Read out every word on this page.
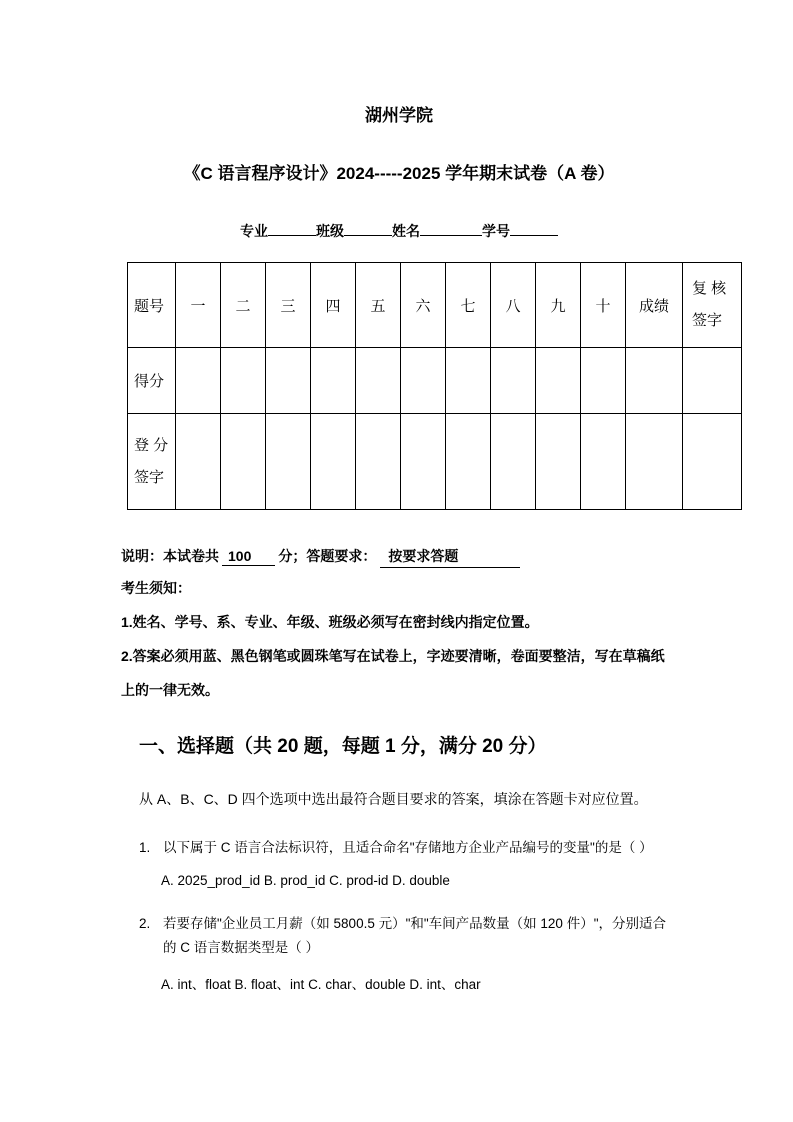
湖州学院
《C 语言程序设计》2024-----2025 学年期末试卷（A 卷）
专业	班级	姓名	学号
题号	一	二	三	四	五	六	七	八	九	十	成绩	复 核
签字

得分												

登 分
签字												

说明：本试卷共 100 分；答题要求： 按要求答题
考生须知：
1.姓名、学号、系、专业、年级、班级必须写在密封线内指定位置。
2.答案必须用蓝、黑色钢笔或圆珠笔写在试卷上，字迹要清晰，卷面要整洁，写在草稿纸上的一律无效。
一、选择题（共 20 题，每题 1 分，满分 20 分）
从 A、B、C、D 四个选项中选出最符合题目要求的答案，填涂在答题卡对应位置。
1. 以下属于 C 语言合法标识符，且适合命名"存储地方企业产品编号的变量"的是（ ）
A. 2025_prod_id B. prod_id C. prod-id D. double
2. 若要存储"企业员工月薪（如 5800.5 元）"和"车间产品数量（如 120 件）"，分别适合的 C 语言数据类型是（ ）
A. int、float B. float、int C. char、double D. int、char
